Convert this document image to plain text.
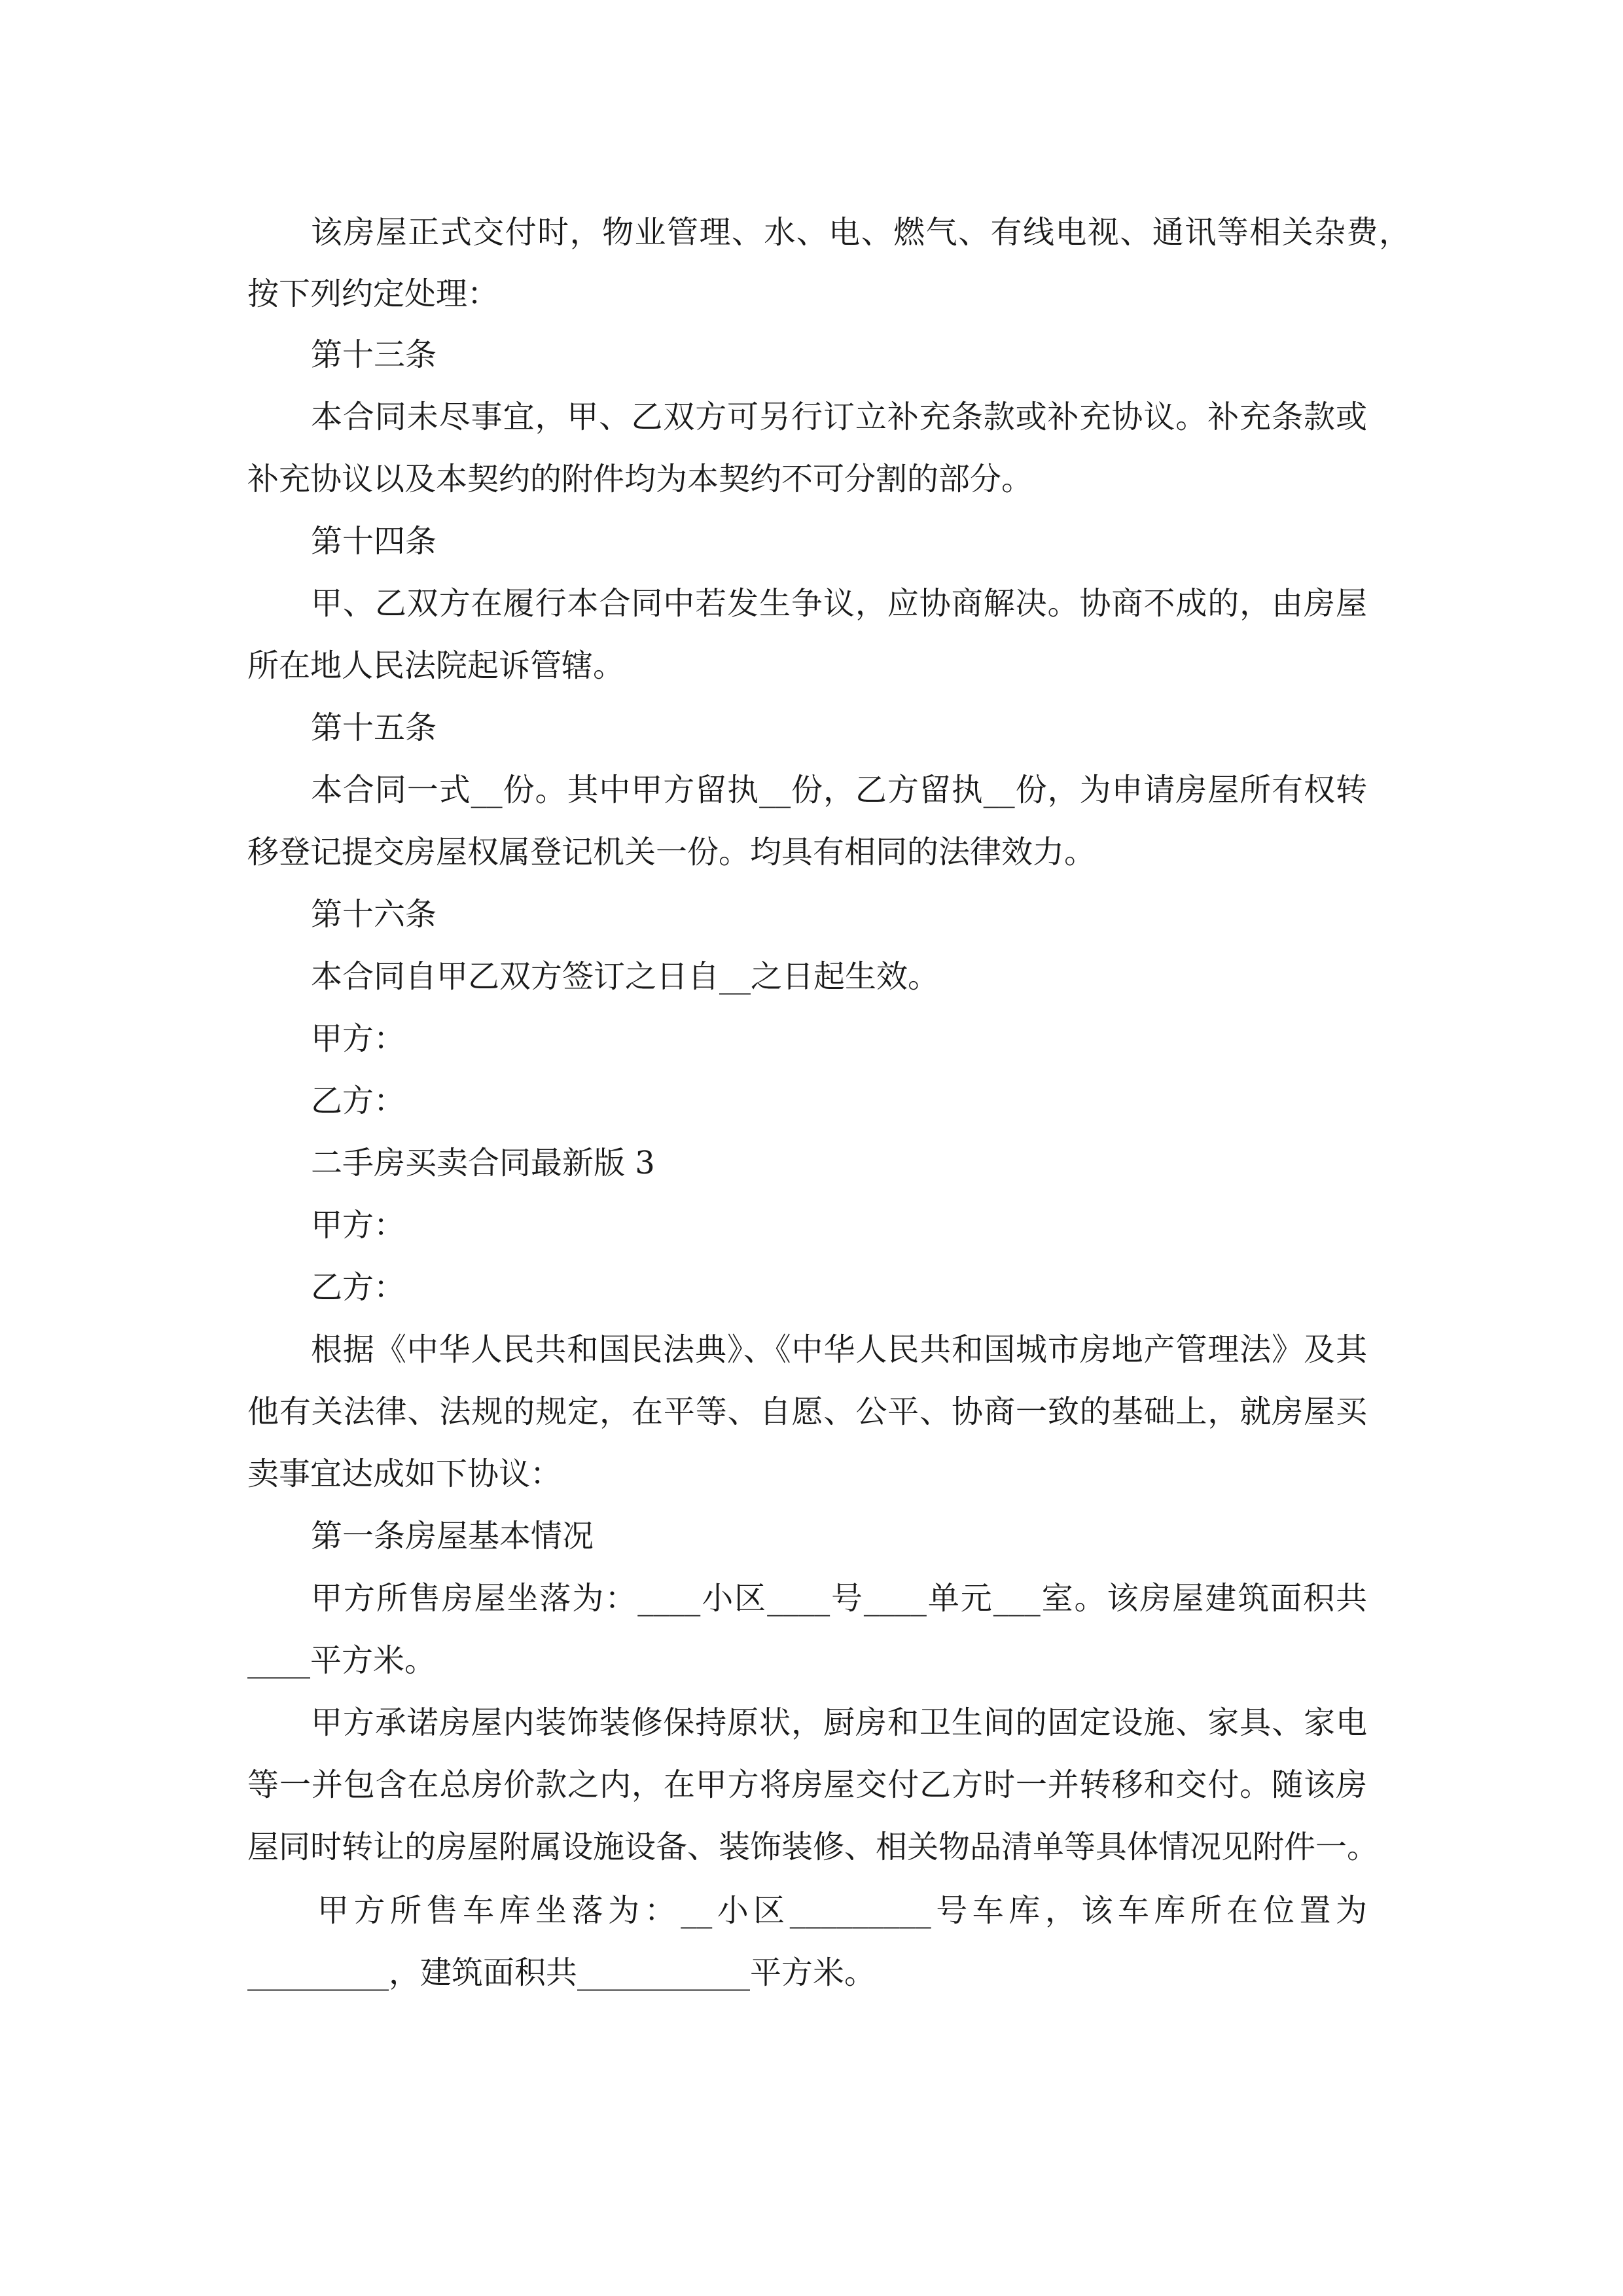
该房屋正式交付时，物业管理、水、电、燃气、有线电视、通讯等相关杂费，

按下列约定处理：

第十三条

本合同未尽事宜，甲、乙双方可另行订立补充条款或补充协议。补充条款或

补充协议以及本契约的附件均为本契约不可分割的部分。

第十四条

甲、乙双方在履行本合同中若发生争议，应协商解决。协商不成的，由房屋

所在地人民法院起诉管辖。

第十五条

本合同一式__份。其中甲方留执__份，乙方留执__份，为申请房屋所有权转

移登记提交房屋权属登记机关一份。均具有相同的法律效力。

第十六条

本合同自甲乙双方签订之日自__之日起生效。

甲方：

乙方：

二手房买卖合同最新版 3

甲方：

乙方：

根据《中华人民共和国民法典》、《中华人民共和国城市房地产管理法》及其

他有关法律、法规的规定，在平等、自愿、公平、协商一致的基础上，就房屋买

卖事宜达成如下协议：

第一条房屋基本情况

甲方所售房屋坐落为：____小区____号____单元___室。该房屋建筑面积共

____平方米。

甲方承诺房屋内装饰装修保持原状，厨房和卫生间的固定设施、家具、家电

等一并包含在总房价款之内，在甲方将房屋交付乙方时一并转移和交付。随该房

屋同时转让的房屋附属设施设备、装饰装修、相关物品清单等具体情况见附件一。

甲方所售车库坐落为：__小区_________号车库，该车库所在位置为

_________，建筑面积共___________平方米。
